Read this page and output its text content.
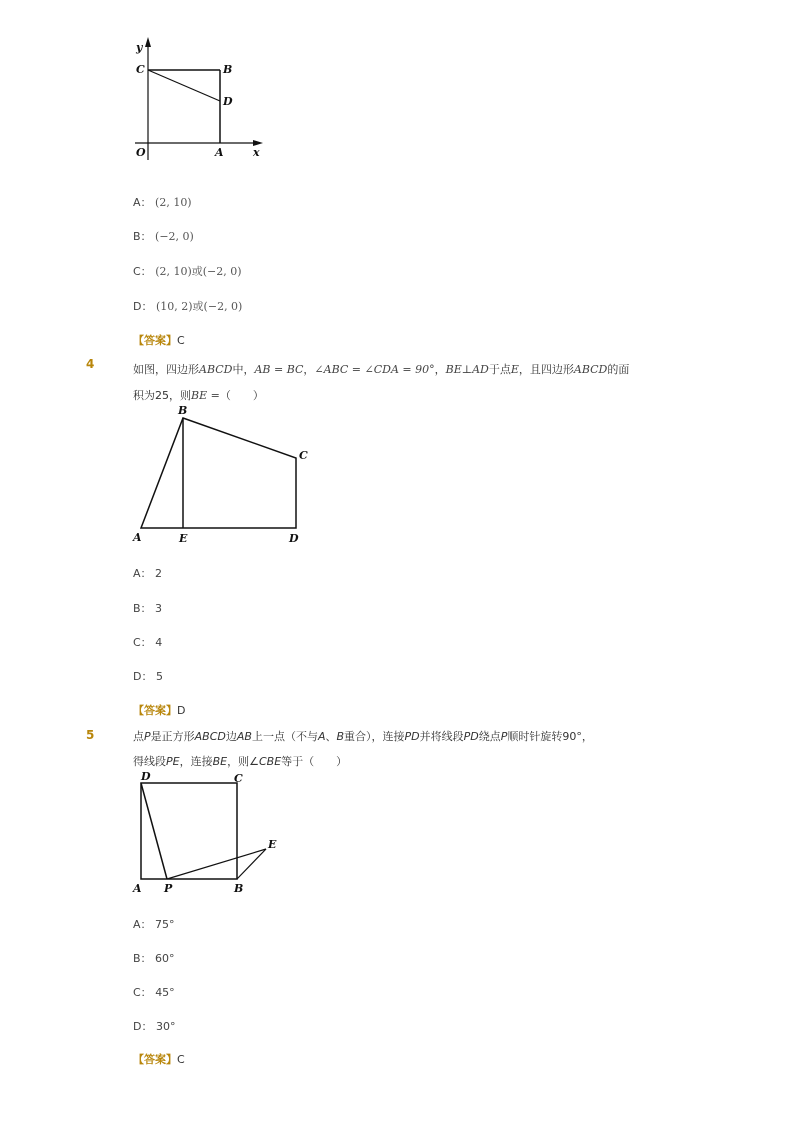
y
C	B
D
O	A	x
A： (2, 10)
B： (−2, 0)
C： (2, 10)或(−2, 0)
D： (10, 2)或(−2, 0)
【答案】C
4	如图，四边形ABCD中，AB = BC，∠ABC = ∠CDA = 90°，BE⊥AD于点E，且四边形ABCD的面
积为25，则BE =（　　）
B
C
A	E	D
A： 2
B： 3
C： 4
D： 5
【答案】D
5	点P是正方形ABCD边AB上一点（不与A、B重合），连接PD并将线段PD绕点P顺时针旋转90°，
得线段PE，连接BE，则∠CBE等于（　　）
D	C
E
A P	B
A： 75°
B： 60°
C： 45°
D： 30°
【答案】C
